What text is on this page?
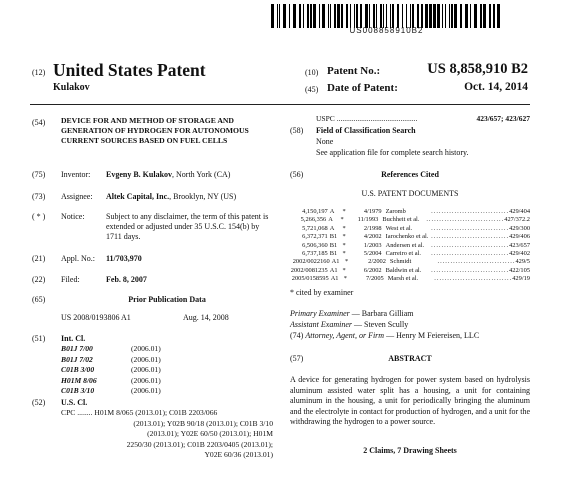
US008858910B2
(12) United States Patent
Kulakov
(10) Patent No.:	US 8,858,910 B2
(45) Date of Patent:	Oct. 14, 2014
(54) DEVICE FOR AND METHOD OF STORAGE AND GENERATION OF HYDROGEN FOR AUTONOMOUS CURRENT SOURCES BASED ON FUEL CELLS
(75) Inventor: Evgeny B. Kulakov, North York (CA)
(73) Assignee: Altek Capital, Inc., Brooklyn, NY (US)
( * ) Notice:	Subject to any disclaimer, the term of this patent is extended or adjusted under 35 U.S.C. 154(b) by 1711 days.
(21) Appl. No.: 11/703,970
(22) Filed:	Feb. 8, 2007
(65)	Prior Publication Data
US 2008/0193806 A1	Aug. 14, 2008
(51) Int. Cl.
B01J 7/00	(2006.01)
B01J 7/02	(2006.01)
C01B 3/00	(2006.01)
H01M 8/06	(2006.01)
C01B 3/10	(2006.01)
(52) U.S. Cl.
CPC ........ H01M 8/065 (2013.01); C01B 2203/066
(2013.01); Y02B 90/18 (2013.01); C01B 3/10
(2013.01); Y02E 60/50 (2013.01); H01M
2250/30 (2013.01); C01B 2203/0405 (2013.01);
Y02E 60/36 (2013.01)
USPC ...........................................	423/657; 423/627
(58) Field of Classification Search
None
See application file for complete search history.
(56)	References Cited
U.S. PATENT DOCUMENTS
4,150,197 A	*	4/1979 Zaromb	.............................. 429/404
5,266,356 A	*	11/1993 Buchheit et al.	.............................. 427/372.2
5,721,068 A	*	2/1998 West et al.	.............................. 429/300
6,372,371 B1 *	4/2002 Iarochenko et al. .............................. 429/406
6,506,360 B1 *	1/2003 Andersen et al.	.............................. 423/657
6,737,185 B1 *	5/2004 Carreiro et al.	.............................. 429/402
2002/0022160 A1 *	2/2002 Schmidt	.............................. 429/5
2002/0081235 A1 *	6/2002 Baldwin et al.	.............................. 422/105
2005/0158595 A1 *	7/2005 Marsh et al.	.............................. 429/19
* cited by examiner
Primary Examiner — Barbara Gilliam
Assistant Examiner — Steven Scully
(74) Attorney, Agent, or Firm — Henry M Feiereisen, LLC
(57)	ABSTRACT
A device for generating hydrogen for power system based on hydrolysis aluminum assisted water split has a housing, a unit for containing aluminum in the housing, a unit for periodically bringing the aluminum and the electrolyte in contact for production of hydrogen, and a unit for the withdrawing the hydrogen to a power source.
2 Claims, 7 Drawing Sheets
